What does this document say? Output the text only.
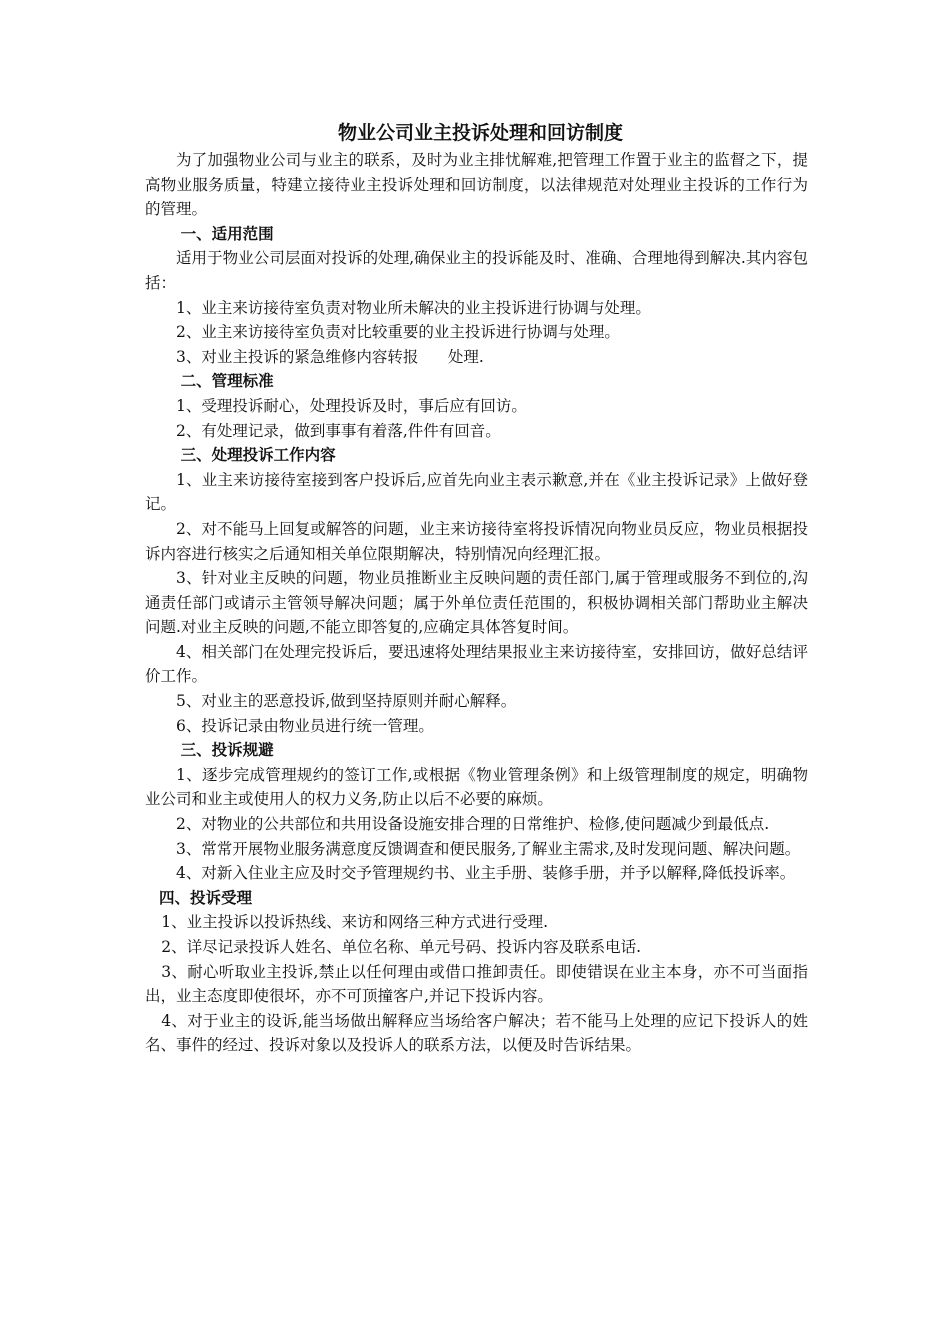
物业公司业主投诉处理和回访制度

为了加强物业公司与业主的联系，及时为业主排忧解难,把管理工作置于业主的监督之下，提高物业服务质量，特建立接待业主投诉处理和回访制度，以法律规范对处理业主投诉的工作行为的管理。

一、适用范围

适用于物业公司层面对投诉的处理,确保业主的投诉能及时、准确、合理地得到解决.其内容包括：

1、业主来访接待室负责对物业所未解决的业主投诉进行协调与处理。

2、业主来访接待室负责对比较重要的业主投诉进行协调与处理。

3、对业主投诉的紧急维修内容转报      处理.

二、管理标准

1、受理投诉耐心，处理投诉及时，事后应有回访。

2、有处理记录，做到事事有着落,件件有回音。

三、处理投诉工作内容

1、业主来访接待室接到客户投诉后,应首先向业主表示歉意,并在《业主投诉记录》上做好登记。

2、对不能马上回复或解答的问题，业主来访接待室将投诉情况向物业员反应，物业员根据投诉内容进行核实之后通知相关单位限期解决，特别情况向经理汇报。

3、针对业主反映的问题，物业员推断业主反映问题的责任部门,属于管理或服务不到位的,沟通责任部门或请示主管领导解决问题；属于外单位责任范围的，积极协调相关部门帮助业主解决问题.对业主反映的问题,不能立即答复的,应确定具体答复时间。

4、相关部门在处理完投诉后，要迅速将处理结果报业主来访接待室，安排回访，做好总结评价工作。

5、对业主的恶意投诉,做到坚持原则并耐心解释。

6、投诉记录由物业员进行统一管理。

三、投诉规避

1、逐步完成管理规约的签订工作,或根据《物业管理条例》和上级管理制度的规定，明确物业公司和业主或使用人的权力义务,防止以后不必要的麻烦。

2、对物业的公共部位和共用设备设施安排合理的日常维护、检修,使问题减少到最低点.

3、常常开展物业服务满意度反馈调查和便民服务,了解业主需求,及时发现问题、解决问题。

4、对新入住业主应及时交予管理规约书、业主手册、装修手册，并予以解释,降低投诉率。

四、投诉受理

1、业主投诉以投诉热线、来访和网络三种方式进行受理.

2、详尽记录投诉人姓名、单位名称、单元号码、投诉内容及联系电话.

3、耐心听取业主投诉,禁止以任何理由或借口推卸责任。即使错误在业主本身，亦不可当面指出，业主态度即使很坏，亦不可顶撞客户,并记下投诉内容。

4、对于业主的设诉,能当场做出解释应当场给客户解决；若不能马上处理的应记下投诉人的姓名、事件的经过、投诉对象以及投诉人的联系方法，以便及时告诉结果。
